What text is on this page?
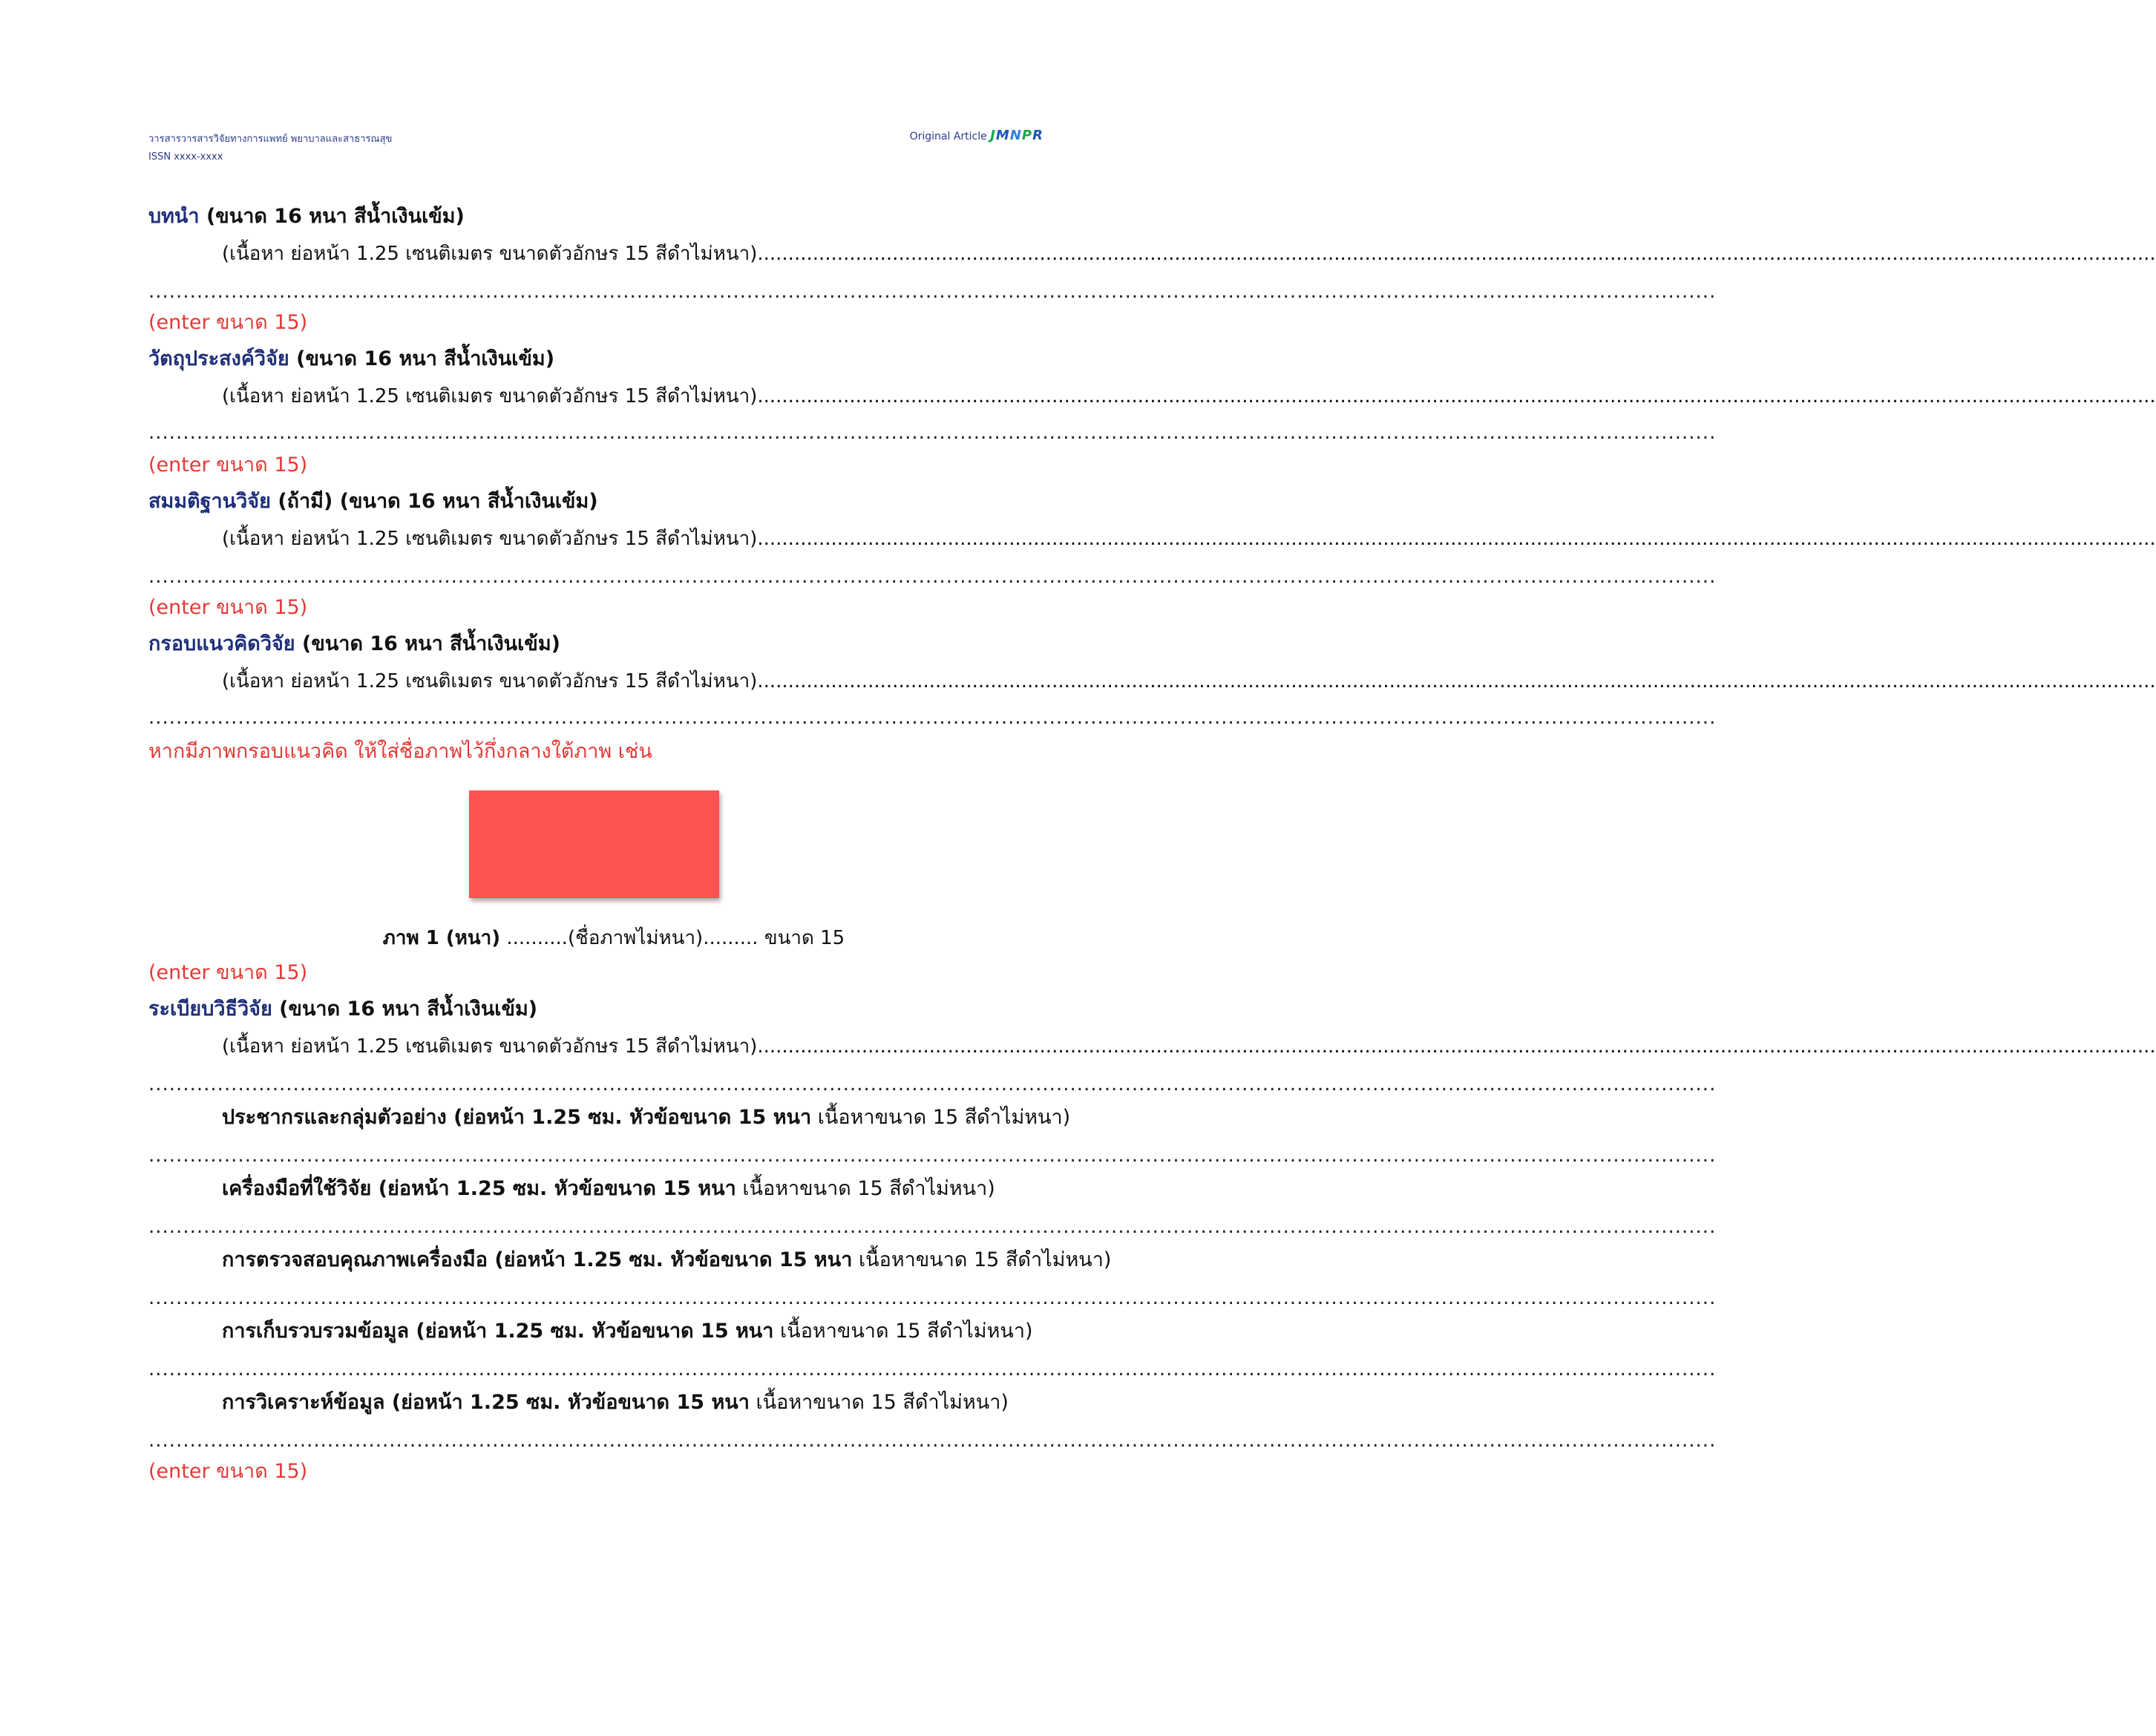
วารสารวารสารวิจัยทางการแพทย์ พยาบาลและสาธารณสุข
ISSN xxxx-xxxx
Original Article JMNPR
บทนำ (ขนาด 16 หนา สีน้ำเงินเข้ม)
(เนื้อหา ย่อหน้า 1.25 เซนติเมตร ขนาดตัวอักษร 15 สีดำไม่หนา)....................................................................................................................................................................................................................................
....................................................................................................................................................................................................................................
(enter ขนาด 15)
วัตถุประสงค์วิจัย (ขนาด 16 หนา สีน้ำเงินเข้ม)
(เนื้อหา ย่อหน้า 1.25 เซนติเมตร ขนาดตัวอักษร 15 สีดำไม่หนา)....................................................................................................................................................................................................................................
....................................................................................................................................................................................................................................
(enter ขนาด 15)
สมมติฐานวิจัย (ถ้ามี) (ขนาด 16 หนา สีน้ำเงินเข้ม)
(เนื้อหา ย่อหน้า 1.25 เซนติเมตร ขนาดตัวอักษร 15 สีดำไม่หนา)....................................................................................................................................................................................................................................
....................................................................................................................................................................................................................................
(enter ขนาด 15)
กรอบแนวคิดวิจัย (ขนาด 16 หนา สีน้ำเงินเข้ม)
(เนื้อหา ย่อหน้า 1.25 เซนติเมตร ขนาดตัวอักษร 15 สีดำไม่หนา)....................................................................................................................................................................................................................................
....................................................................................................................................................................................................................................
หากมีภาพกรอบแนวคิด ให้ใส่ชื่อภาพไว้กึ่งกลางใต้ภาพ เช่น
ภาพ 1 (หนา) ..........(ชื่อภาพไม่หนา)......... ขนาด 15
(enter ขนาด 15)
ระเบียบวิธีวิจัย (ขนาด 16 หนา สีน้ำเงินเข้ม)
(เนื้อหา ย่อหน้า 1.25 เซนติเมตร ขนาดตัวอักษร 15 สีดำไม่หนา)....................................................................................................................................................................................................................................
....................................................................................................................................................................................................................................
ประชากรและกลุ่มตัวอย่าง (ย่อหน้า 1.25 ซม. หัวข้อขนาด 15 หนา เนื้อหาขนาด 15 สีดำไม่หนา)
....................................................................................................................................................................................................................................
เครื่องมือที่ใช้วิจัย (ย่อหน้า 1.25 ซม. หัวข้อขนาด 15 หนา เนื้อหาขนาด 15 สีดำไม่หนา)
....................................................................................................................................................................................................................................
การตรวจสอบคุณภาพเครื่องมือ (ย่อหน้า 1.25 ซม. หัวข้อขนาด 15 หนา เนื้อหาขนาด 15 สีดำไม่หนา)
....................................................................................................................................................................................................................................
การเก็บรวบรวมข้อมูล (ย่อหน้า 1.25 ซม. หัวข้อขนาด 15 หนา เนื้อหาขนาด 15 สีดำไม่หนา)
....................................................................................................................................................................................................................................
การวิเคราะห์ข้อมูล (ย่อหน้า 1.25 ซม. หัวข้อขนาด 15 หนา เนื้อหาขนาด 15 สีดำไม่หนา)
....................................................................................................................................................................................................................................
(enter ขนาด 15)
